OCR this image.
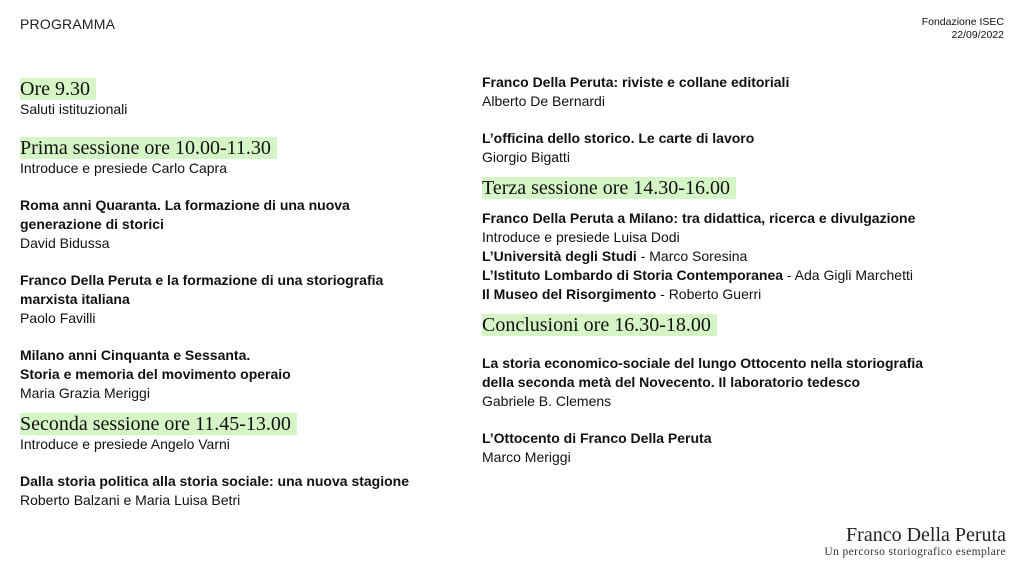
PROGRAMMA	Fondazione ISEC
22/09/2022
Ore 9.30
Saluti istituzionali
Prima sessione ore 10.00-11.30
Introduce e presiede Carlo Capra
Roma anni Quaranta. La formazione di una nuova
generazione di storici
David Bidussa
Franco Della Peruta e la formazione di una storiografia
marxista italiana
Paolo Favilli
Milano anni Cinquanta e Sessanta.
Storia e memoria del movimento operaio
Maria Grazia Meriggi
Seconda sessione ore 11.45-13.00
Introduce e presiede Angelo Varni
Dalla storia politica alla storia sociale: una nuova stagione
Roberto Balzani e Maria Luisa Betri
Franco Della Peruta: riviste e collane editoriali
Alberto De Bernardi
L’officina dello storico. Le carte di lavoro
Giorgio Bigatti
Terza sessione ore 14.30-16.00
Franco Della Peruta a Milano: tra didattica, ricerca e divulgazione
Introduce e presiede Luisa Dodi
L’Università degli Studi - Marco Soresina
L’Istituto Lombardo di Storia Contemporanea - Ada Gigli Marchetti
Il Museo del Risorgimento - Roberto Guerri
Conclusioni ore 16.30-18.00
La storia economico-sociale del lungo Ottocento nella storiografia
della seconda metà del Novecento. Il laboratorio tedesco
Gabriele B. Clemens
L’Ottocento di Franco Della Peruta
Marco Meriggi
Franco Della Peruta
Un percorso storiografico esemplare
